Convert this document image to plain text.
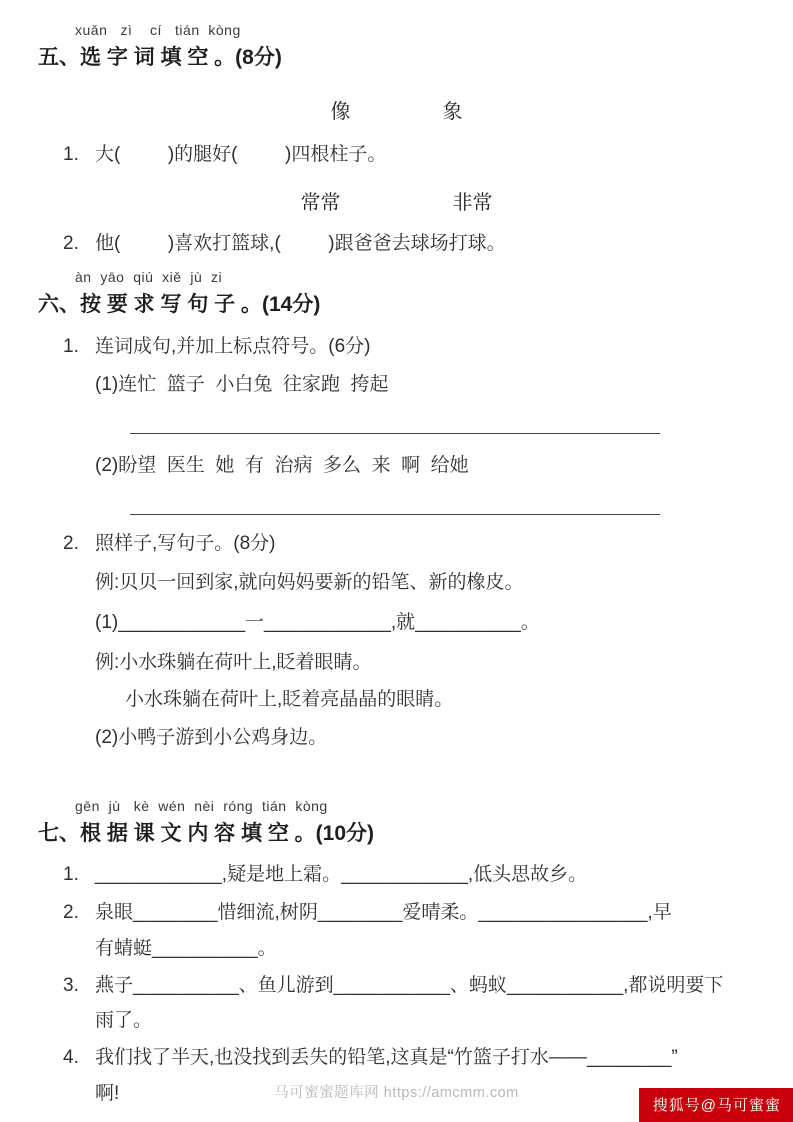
xuǎn   zì    cí   tián  kòng
五、选 字 词 填 空 。(8分)
像	象
1. 大(         )的腿好(         )四根柱子。
常常	非常
2. 他(         )喜欢打篮球,(         )跟爸爸去球场打球。
àn  yāo  qiú  xiě  jù  zi
六、按 要 求 写 句 子 。(14分)
1. 连词成句,并加上标点符号。(6分)
(1)连忙  篮子  小白兔  往家跑  挎起
(2)盼望  医生  她  有  治病  多么  来  啊  给她
2. 照样子,写句子。(8分)
例:贝贝一回到家,就向妈妈要新的铅笔、新的橡皮。
(1)____________一____________,就__________。
例:小水珠躺在荷叶上,眨着眼睛。
小水珠躺在荷叶上,眨着亮晶晶的眼睛。
(2)小鸭子游到小公鸡身边。
gēn  jù   kè  wén  nèi  róng  tián  kòng
七、根 据 课 文 内 容 填 空 。(10分)
1. ____________,疑是地上霜。____________,低头思故乡。
2. 泉眼________惜细流,树阴________爱晴柔。________________,早
有蜻蜓__________。
3. 燕子__________、鱼儿游到___________、蚂蚁___________,都说明要下
雨了。
4. 我们找了半天,也没找到丢失的铅笔,这真是“竹篮子打水——________”
啊!	马可蜜蜜题库网 https://amcmm.com
搜狐号@马可蜜蜜
